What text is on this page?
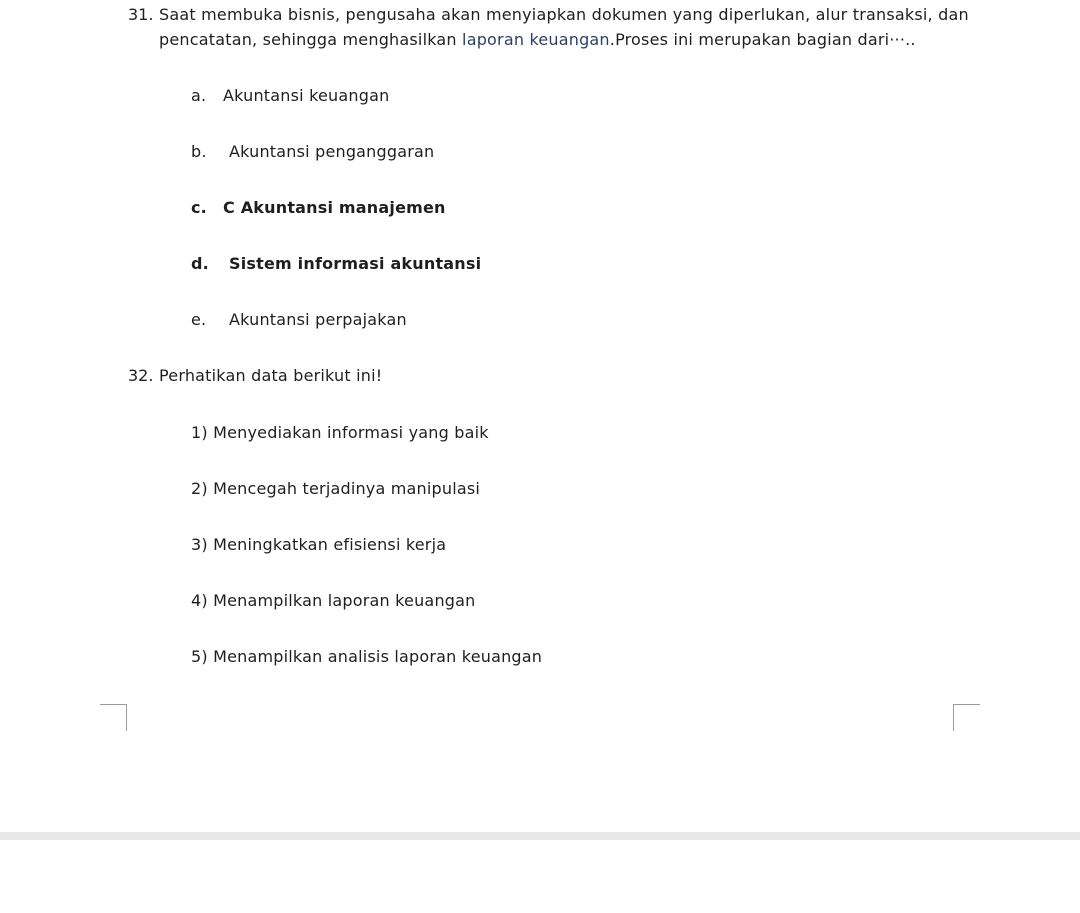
31. Saat membuka bisnis, pengusaha akan menyiapkan dokumen yang diperlukan, alur transaksi, dan
pencatatan, sehingga menghasilkan laporan keuangan.Proses ini merupakan bagian dari···..
a. Akuntansi keuangan
b. Akuntansi penganggaran
c. C Akuntansi manajemen
d. Sistem informasi akuntansi
e. Akuntansi perpajakan
32. Perhatikan data berikut ini!
1) Menyediakan informasi yang baik
2) Mencegah terjadinya manipulasi
3) Meningkatkan efisiensi kerja
4) Menampilkan laporan keuangan
5) Menampilkan analisis laporan keuangan
